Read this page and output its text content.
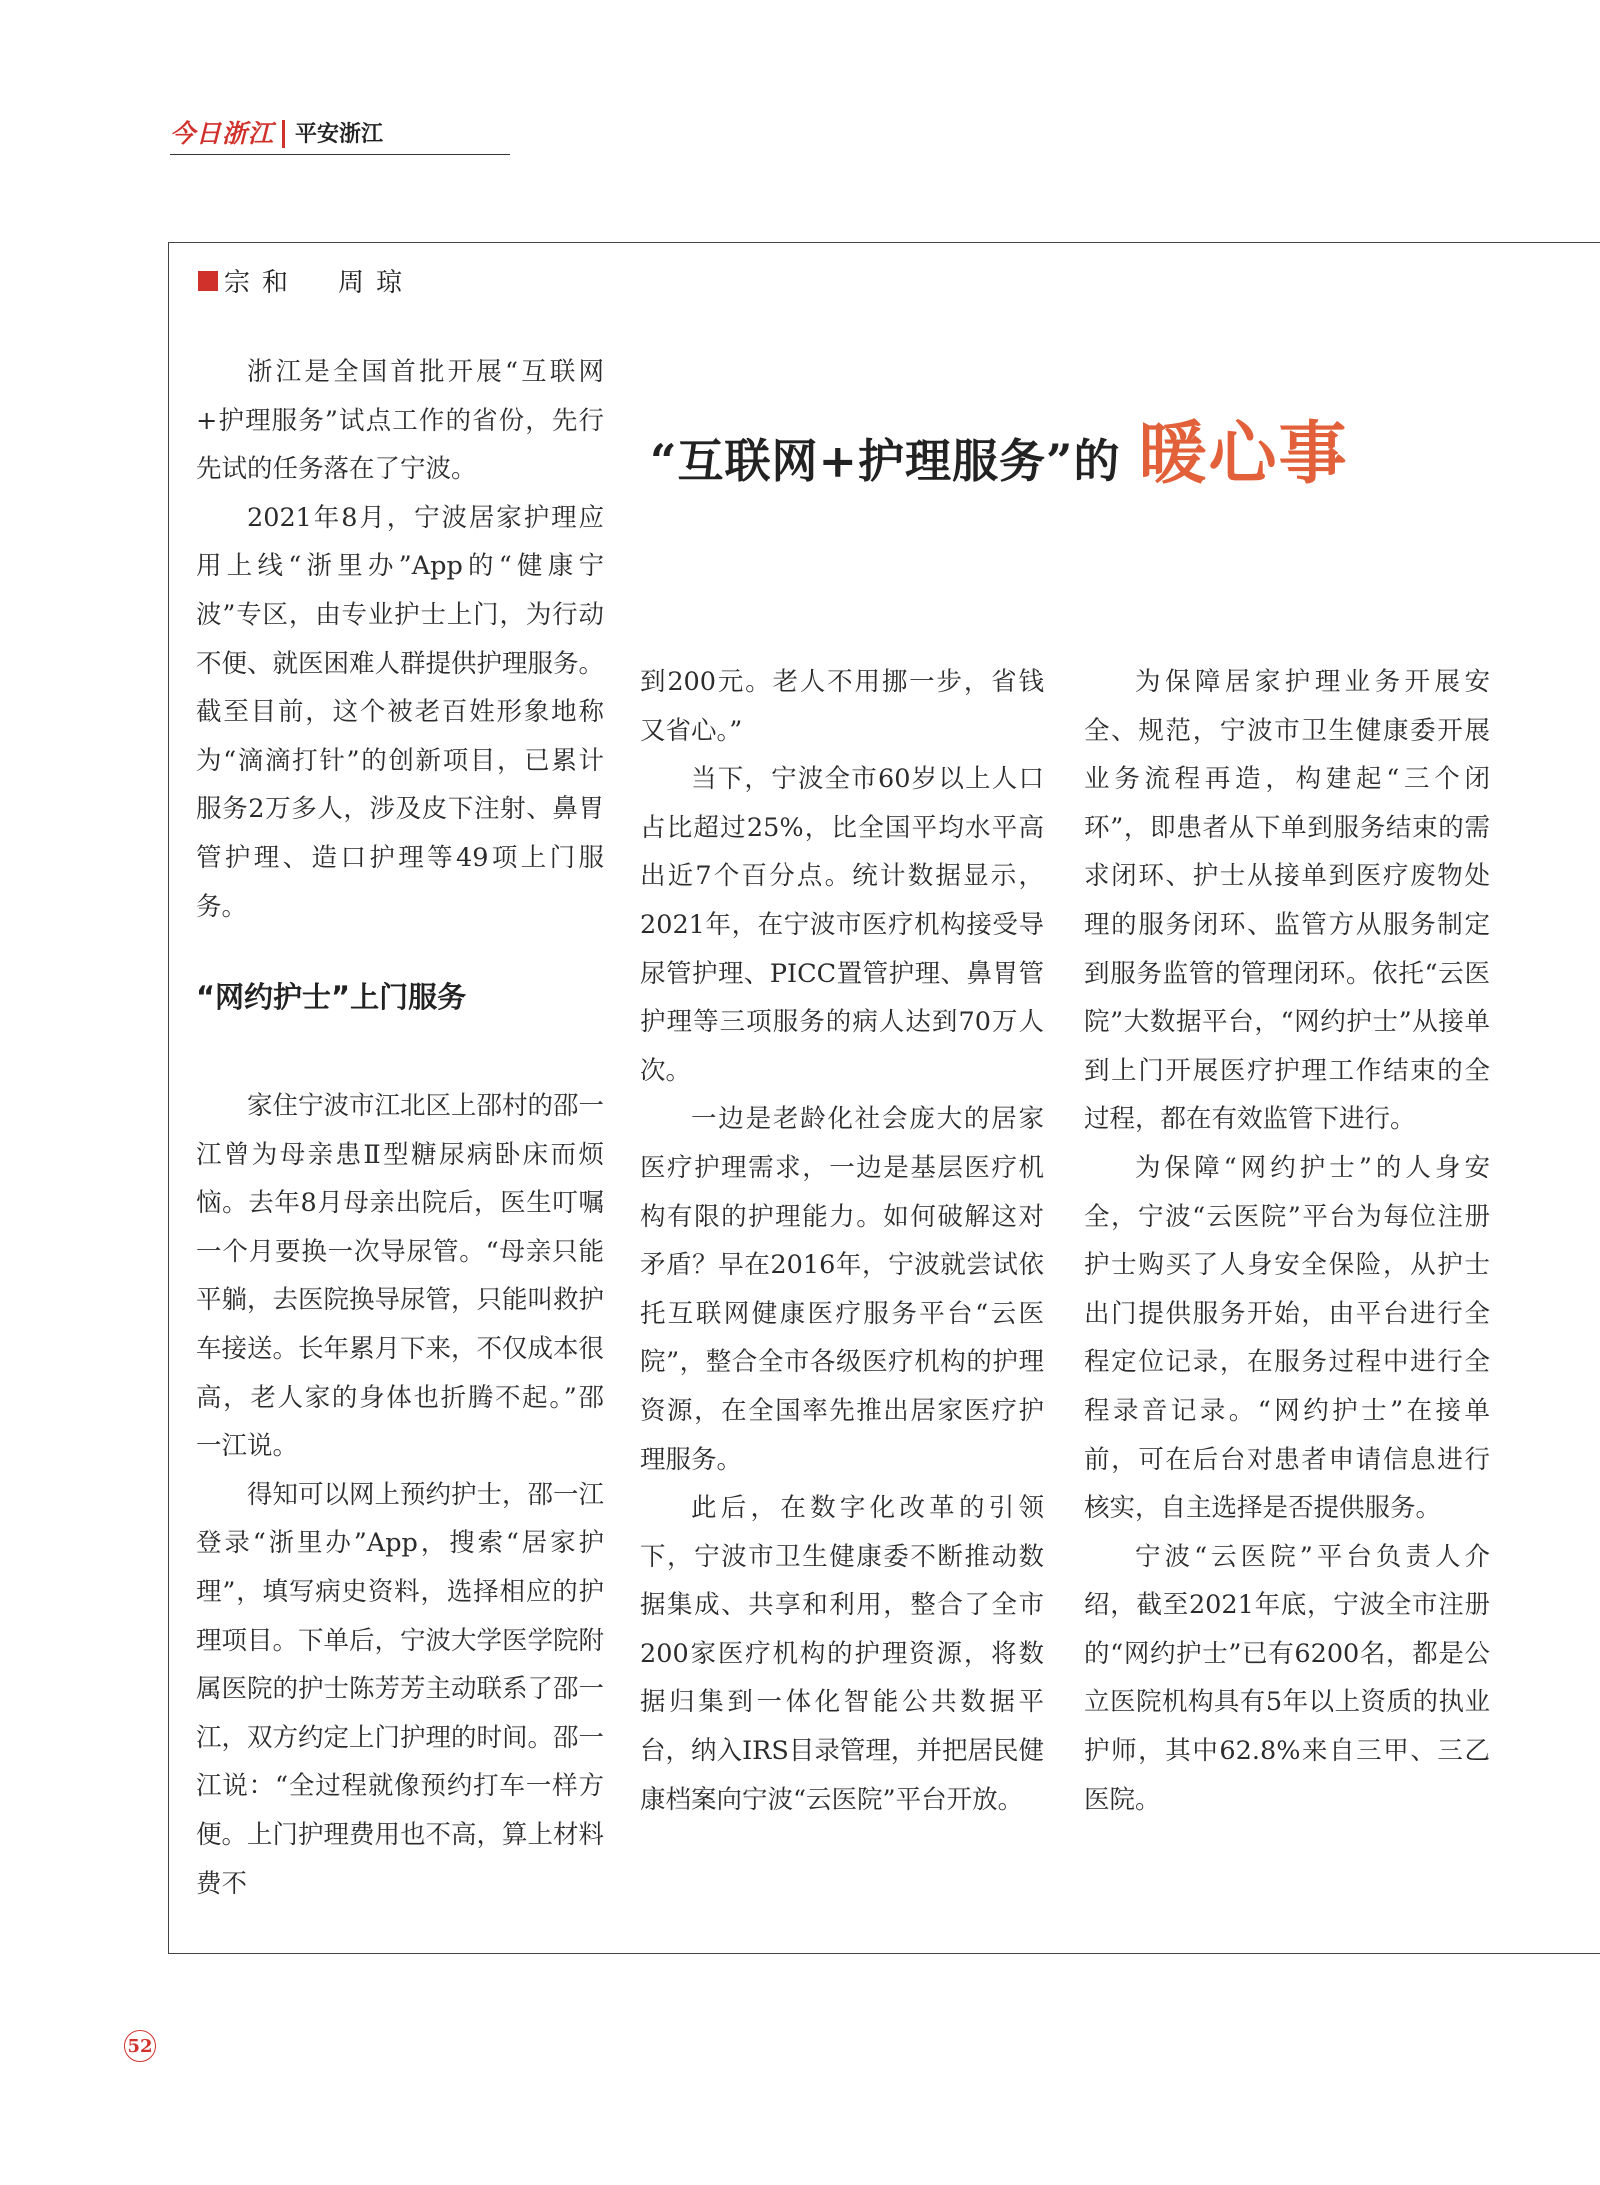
今日浙江 平安浙江
宗和　周琼
“互联网+护理服务”的 暖心事

浙江是全国首批开展“互联网+护理服务”试点工作的省份，先行先试的任务落在了宁波。

2021年8月，宁波居家护理应用上线“浙里办”App的“健康宁波”专区，由专业护士上门，为行动不便、就医困难人群提供护理服务。截至目前，这个被老百姓形象地称为“滴滴打针”的创新项目，已累计服务2万多人，涉及皮下注射、鼻胃管护理、造口护理等49项上门服务。

“网约护士”上门服务

家住宁波市江北区上邵村的邵一江曾为母亲患Ⅱ型糖尿病卧床而烦恼。去年8月母亲出院后，医生叮嘱一个月要换一次导尿管。“母亲只能平躺，去医院换导尿管，只能叫救护车接送。长年累月下来，不仅成本很高，老人家的身体也折腾不起。”邵一江说。

得知可以网上预约护士，邵一江登录“浙里办”App，搜索“居家护理”，填写病史资料，选择相应的护理项目。下单后，宁波大学医学院附属医院的护士陈芳芳主动联系了邵一江，双方约定上门护理的时间。邵一江说：“全过程就像预约打车一样方便。上门护理费用也不高，算上材料费不

到200元。老人不用挪一步，省钱又省心。”

当下，宁波全市60岁以上人口占比超过25%，比全国平均水平高出近7个百分点。统计数据显示，2021年，在宁波市医疗机构接受导尿管护理、PICC置管护理、鼻胃管护理等三项服务的病人达到70万人次。

一边是老龄化社会庞大的居家医疗护理需求，一边是基层医疗机构有限的护理能力。如何破解这对矛盾？早在2016年，宁波就尝试依托互联网健康医疗服务平台“云医院”，整合全市各级医疗机构的护理资源，在全国率先推出居家医疗护理服务。

此后，在数字化改革的引领下，宁波市卫生健康委不断推动数据集成、共享和利用，整合了全市200家医疗机构的护理资源，将数据归集到一体化智能公共数据平台，纳入IRS目录管理，并把居民健康档案向宁波“云医院”平台开放。

为保障居家护理业务开展安全、规范，宁波市卫生健康委开展业务流程再造，构建起“三个闭环”，即患者从下单到服务结束的需求闭环、护士从接单到医疗废物处理的服务闭环、监管方从服务制定到服务监管的管理闭环。依托“云医院”大数据平台，“网约护士”从接单到上门开展医疗护理工作结束的全过程，都在有效监管下进行。

为保障“网约护士”的人身安全，宁波“云医院”平台为每位注册护士购买了人身安全保险，从护士出门提供服务开始，由平台进行全程定位记录，在服务过程中进行全程录音记录。“网约护士”在接单前，可在后台对患者申请信息进行核实，自主选择是否提供服务。

宁波“云医院”平台负责人介绍，截至2021年底，宁波全市注册的“网约护士”已有6200名，都是公立医院机构具有5年以上资质的执业护师，其中62.8%来自三甲、三乙医院。

52
